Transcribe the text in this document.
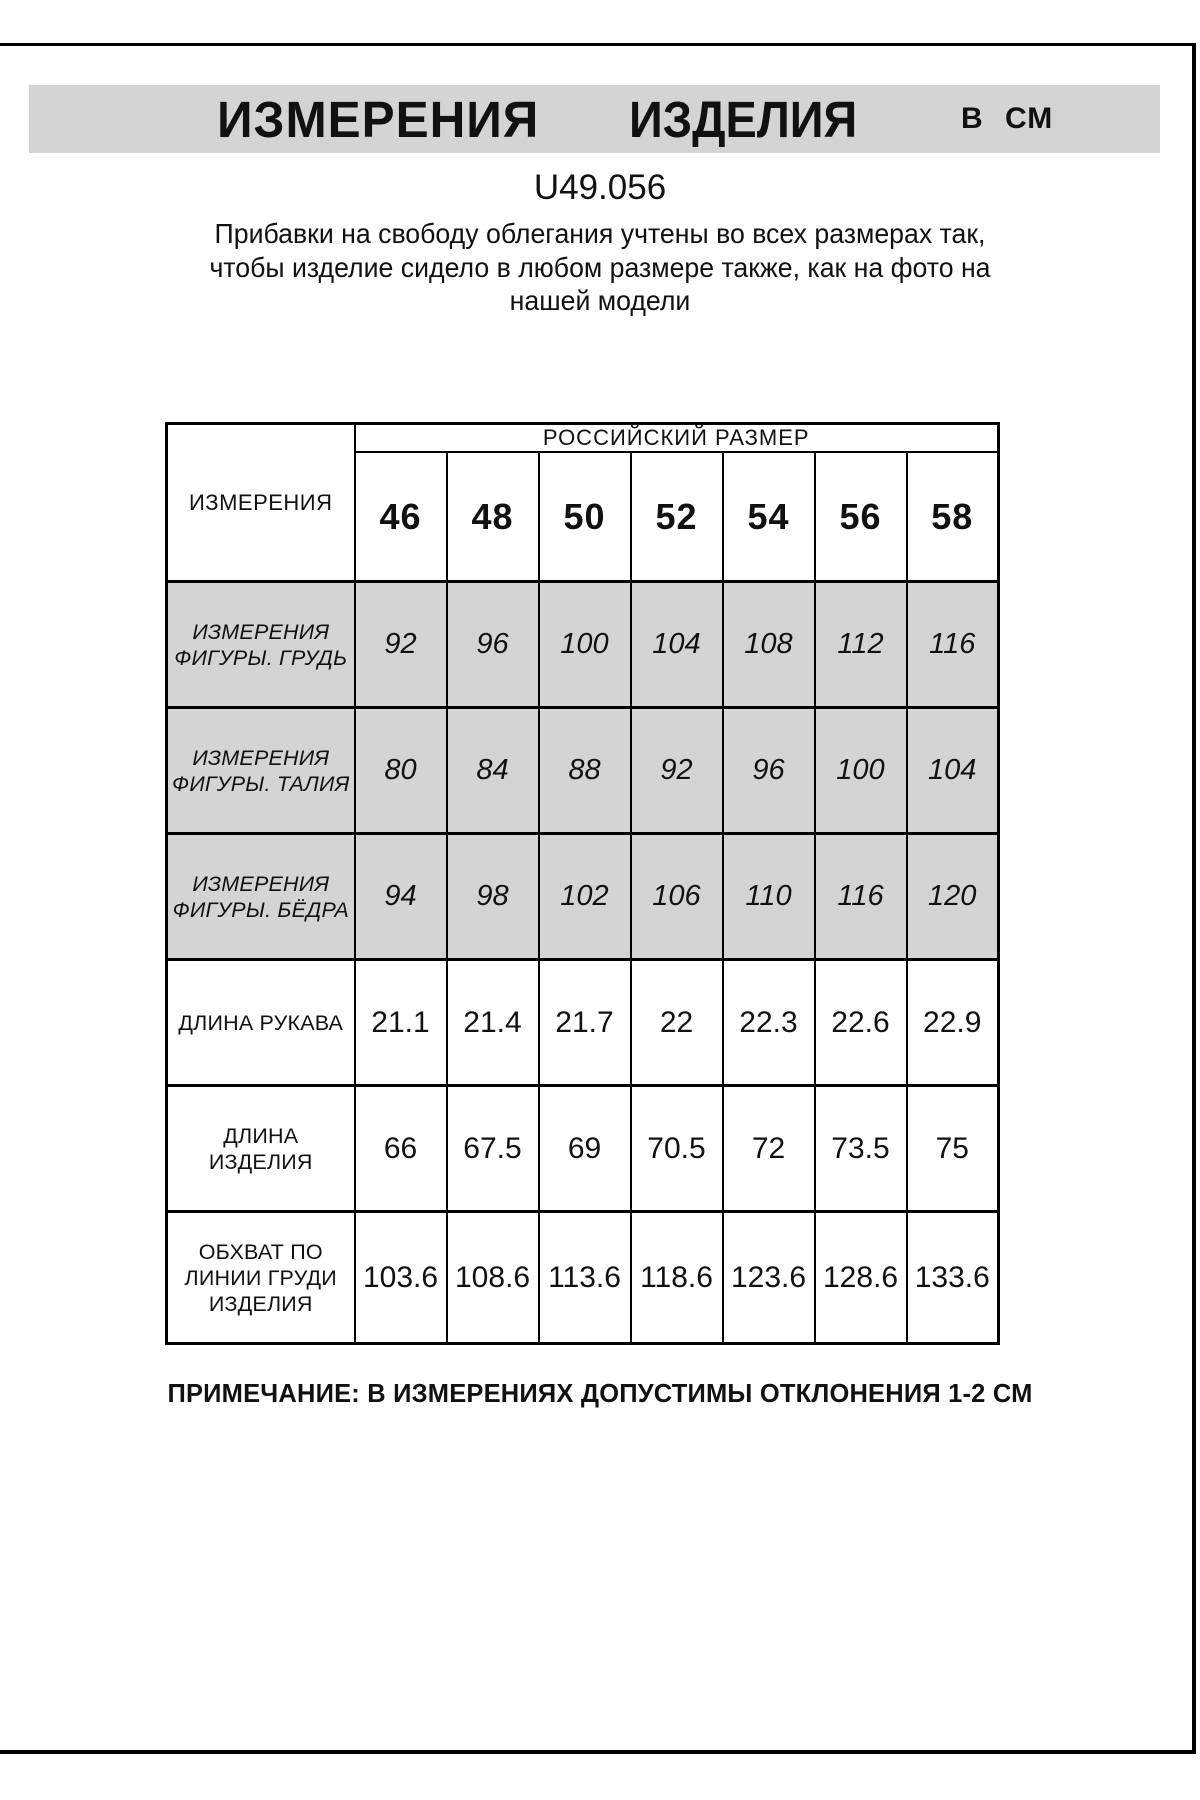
ИЗМЕРЕНИЯ ИЗДЕЛИЯ	В СМ
U49.056
Прибавки на свободу облегания учтены во всех размерах так,
чтобы изделие сидело в любом размере также, как на фото на
нашей модели
ИЗМЕРЕНИЯ	РОССИЙСКИЙ РАЗМЕР						
	46	48	50	52	54	56	58
ИЗМЕРЕНИЯ ФИГУРЫ. ГРУДЬ	92	96	100	104	108	112	116
ИЗМЕРЕНИЯ ФИГУРЫ. ТАЛИЯ	80	84	88	92	96	100	104
ИЗМЕРЕНИЯ ФИГУРЫ. БЁДРА	94	98	102	106	110	116	120
ДЛИНА РУКАВА	21.1	21.4	21.7	22	22.3	22.6	22.9
ДЛИНА ИЗДЕЛИЯ	66	67.5	69	70.5	72	73.5	75
ОБХВАТ ПО ЛИНИИ ГРУДИ ИЗДЕЛИЯ	103.6	108.6	113.6	118.6	123.6	128.6	133.6
ПРИМЕЧАНИЕ: В ИЗМЕРЕНИЯХ ДОПУСТИМЫ ОТКЛОНЕНИЯ 1-2 СМ
